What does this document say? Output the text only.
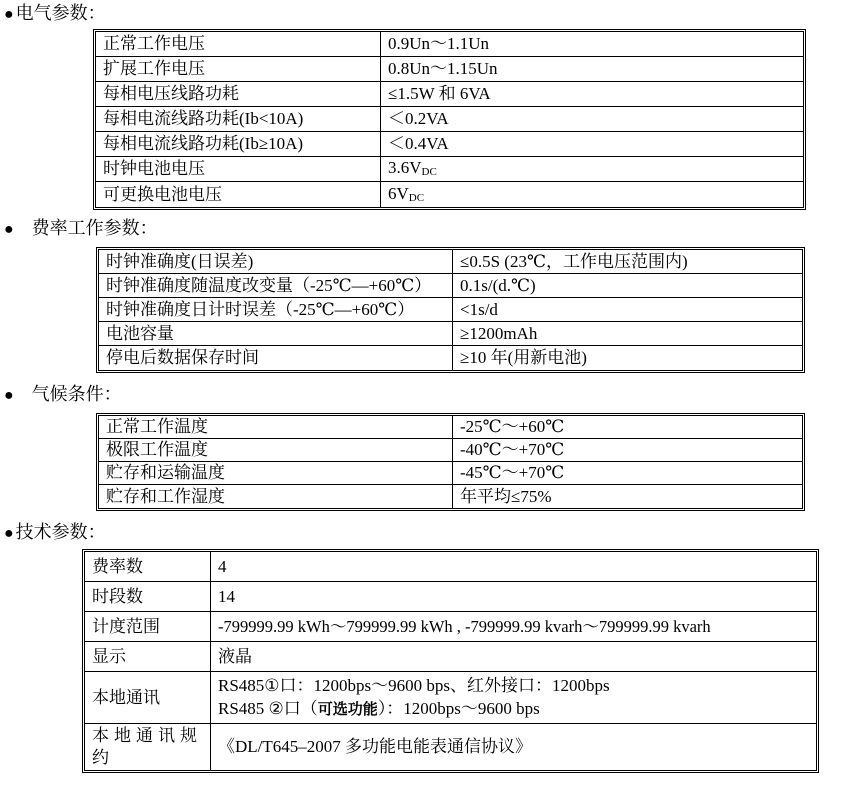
● 电气参数：
正常工作电压	0.9Un～1.1Un
扩展工作电压	0.8Un～1.15Un
每相电压线路功耗	≤1.5W 和 6VA
每相电流线路功耗(Ib<10A)	＜0.2VA
每相电流线路功耗(Ib≥10A)	＜0.4VA
时钟电池电压	$3.6V_{DC}$
可更换电池电压	$6V_{DC}$
● 费率工作参数：
时钟准确度(日误差)	≤0.5S (23℃，工作电压范围内)
时钟准确度随温度改变量（-25℃—+60℃）	0.1s/(d.℃)
时钟准确度日计时误差（-25℃—+60℃）	<1s/d
电池容量	≥1200mAh
停电后数据保存时间	≥10 年(用新电池)
● 气候条件：
正常工作温度	-25℃～+60℃
极限工作温度	-40℃～+70℃
贮存和运输温度	-45℃～+70℃
贮存和工作湿度	年平均≤75%
● 技术参数：
费率数	4
时段数	14
计度范围	-799999.99 kWh～799999.99 kWh , -799999.99 kvarh～799999.99 kvarh
显示	液晶
本地通讯	RS485①口：1200bps～9600 bps、红外接口：1200bps
RS485 ②口（可选功能）：1200bps～9600 bps

本地通讯规约	《DL/T645–2007 多功能电能表通信协议》
